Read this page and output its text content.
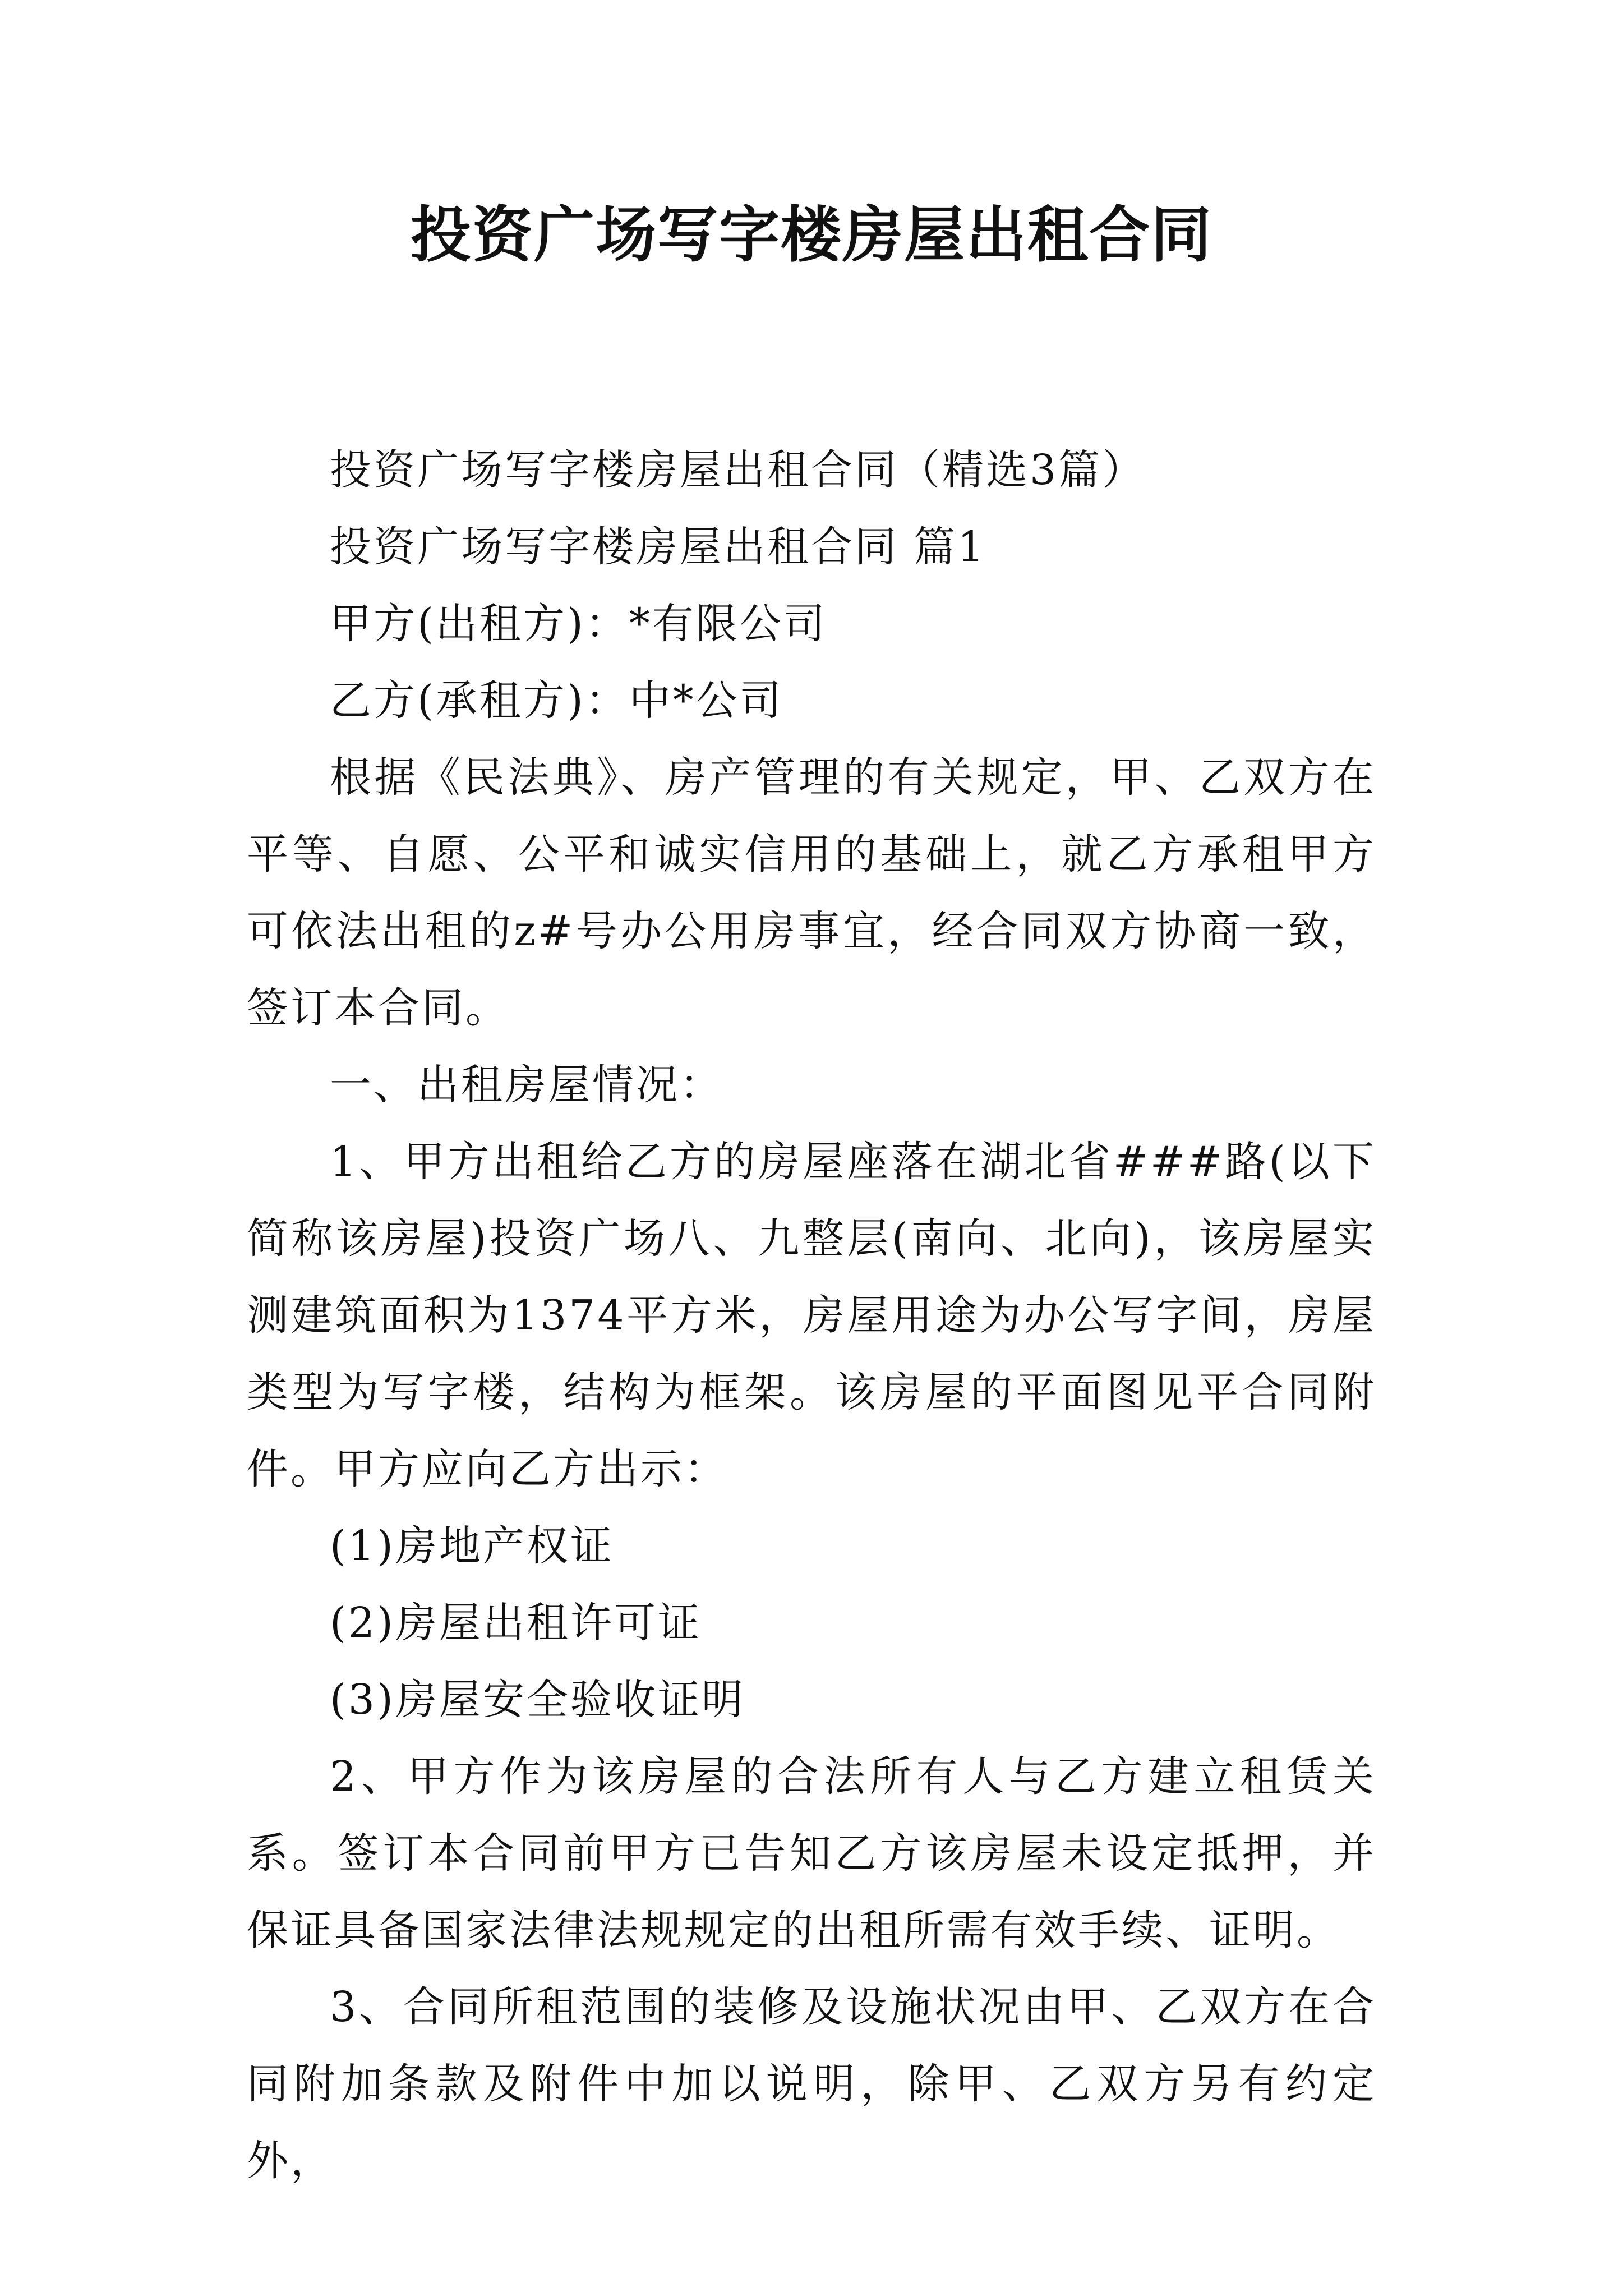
投资广场写字楼房屋出租合同

投资广场写字楼房屋出租合同（精选3篇）

投资广场写字楼房屋出租合同 篇1

甲方(出租方)：*有限公司

乙方(承租方)：中*公司

根据《民法典》、房产管理的有关规定，甲、乙双方在平等、自愿、公平和诚实信用的基础上，就乙方承租甲方可依法出租的z#号办公用房事宜，经合同双方协商一致，签订本合同。

一、出租房屋情况：

1、甲方出租给乙方的房屋座落在湖北省###路(以下简称该房屋)投资广场八、九整层(南向、北向)，该房屋实测建筑面积为1374平方米，房屋用途为办公写字间，房屋类型为写字楼，结构为框架。该房屋的平面图见平合同附件。甲方应向乙方出示：

(1)房地产权证

(2)房屋出租许可证

(3)房屋安全验收证明

2、甲方作为该房屋的合法所有人与乙方建立租赁关系。签订本合同前甲方已告知乙方该房屋未设定抵押，并保证具备国家法律法规规定的出租所需有效手续、证明。

3、合同所租范围的装修及设施状况由甲、乙双方在合同附加条款及附件中加以说明，除甲、乙双方另有约定外，
